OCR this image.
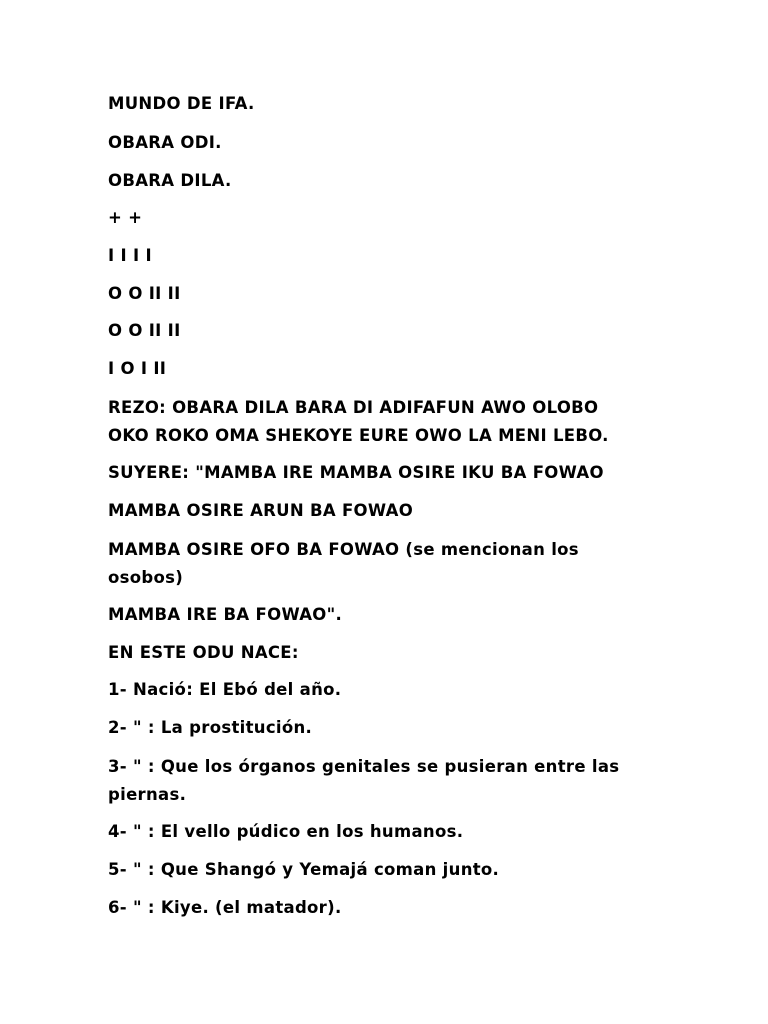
MUNDO DE IFA.
OBARA ODI.
OBARA DILA.
+ +
I I I I
O O II II
O O II II
I O I II
REZO: OBARA DILA BARA DI ADIFAFUN AWO OLOBO
OKO ROKO OMA SHEKOYE EURE OWO LA MENI LEBO.
SUYERE: "MAMBA IRE MAMBA OSIRE IKU BA FOWAO
MAMBA OSIRE ARUN BA FOWAO
MAMBA OSIRE OFO BA FOWAO (se mencionan los
osobos)
MAMBA IRE BA FOWAO".
EN ESTE ODU NACE:
1- Nació: El Ebó del año.
2- " : La prostitución.
3- " : Que los órganos genitales se pusieran entre las
piernas.
4- " : El vello púdico en los humanos.
5- " : Que Shangó y Yemajá coman junto.
6- " : Kiye. (el matador).
